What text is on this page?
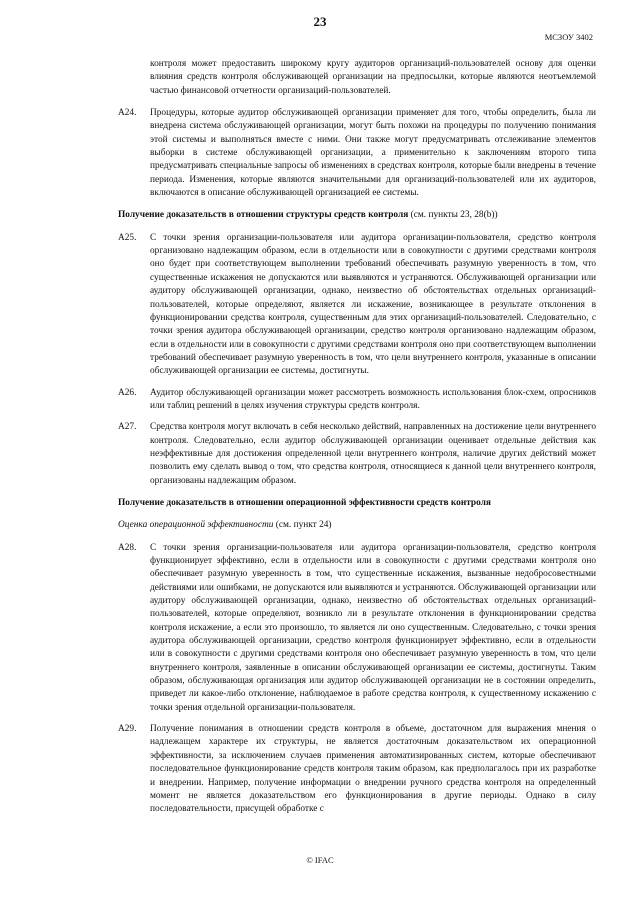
23
МСЗОУ 3402

контроля может предоставить широкому кругу аудиторов организаций-пользователей основу для оценки влияния средств контроля обслуживающей организации на предпосылки, которые являются неотъемлемой частью финансовой отчетности организаций-пользователей.

A24.	Процедуры, которые аудитор обслуживающей организации применяет для того, чтобы определить, была ли внедрена система обслуживающей организации, могут быть похожи на процедуры по получению понимания этой системы и выполняться вместе с ними. Они также могут предусматривать отслеживание элементов выборки в системе обслуживающей организации, а применительно к заключениям второго типа предусматривать специальные запросы об изменениях в средствах контроля, которые были внедрены в течение периода. Изменения, которые являются значительными для организаций-пользователей или их аудиторов, включаются в описание обслуживающей организацией ее системы.

Получение доказательств в отношении структуры средств контроля (см. пункты 23, 28(b))
A25.	С точки зрения организации-пользователя или аудитора организации-пользователя, средство контроля организовано надлежащим образом, если в отдельности или в совокупности с другими средствами контроля оно будет при соответствующем выполнении требований обеспечивать разумную уверенность в том, что существенные искажения не допускаются или выявляются и устраняются. Обслуживающей организации или аудитору обслуживающей организации, однако, неизвестно об обстоятельствах отдельных организаций-пользователей, которые определяют, является ли искажение, возникающее в результате отклонения в функционировании средства контроля, существенным для этих организаций-пользователей. Следовательно, с точки зрения аудитора обслуживающей организации, средство контроля организовано надлежащим образом, если в отдельности или в совокупности с другими средствами контроля оно при соответствующем выполнении требований обеспечивает разумную уверенность в том, что цели внутреннего контроля, указанные в описании обслуживающей организации ее системы, достигнуты.

A26.	Аудитор обслуживающей организации может рассмотреть возможность использования блок-схем, опросников или таблиц решений в целях изучения структуры средств контроля.

A27.	Средства контроля могут включать в себя несколько действий, направленных на достижение цели внутреннего контроля. Следовательно, если аудитор обслуживающей организации оценивает отдельные действия как неэффективные для достижения определенной цели внутреннего контроля, наличие других действий может позволить ему сделать вывод о том, что средства контроля, относящиеся к данной цели внутреннего контроля, организованы надлежащим образом.

Получение доказательств в отношении операционной эффективности средств контроля
Оценка операционной эффективности (см. пункт 24)
A28.	С точки зрения организации-пользователя или аудитора организации-пользователя, средство контроля функционирует эффективно, если в отдельности или в совокупности с другими средствами контроля оно обеспечивает разумную уверенность в том, что существенные искажения, вызванные недобросовестными действиями или ошибками, не допускаются или выявляются и устраняются. Обслуживающей организации или аудитору обслуживающей организации, однако, неизвестно об обстоятельствах отдельных организаций-пользователей, которые определяют, возникло ли в результате отклонения в функционировании средства контроля искажение, а если это произошло, то является ли оно существенным. Следовательно, с точки зрения аудитора обслуживающей организации, средство контроля функционирует эффективно, если в отдельности или в совокупности с другими средствами контроля оно обеспечивает разумную уверенность в том, что цели внутреннего контроля, заявленные в описании обслуживающей организации ее системы, достигнуты. Таким образом, обслуживающая организация или аудитор обслуживающей организации не в состоянии определить, приведет ли какое-либо отклонение, наблюдаемое в работе средства контроля, к существенному искажению с точки зрения отдельной организации-пользователя.

A29.	Получение понимания в отношении средств контроля в объеме, достаточном для выражения мнения о надлежащем характере их структуры, не является достаточным доказательством их операционной эффективности, за исключением случаев применения автоматизированных систем, которые обеспечивают последовательное функционирование средств контроля таким образом, как предполагалось при их разработке и внедрении. Например, получение информации о внедрении ручного средства контроля на определенный момент не является доказательством его функционирования в другие периоды. Однако в силу последовательности, присущей обработке с

© IFAC
